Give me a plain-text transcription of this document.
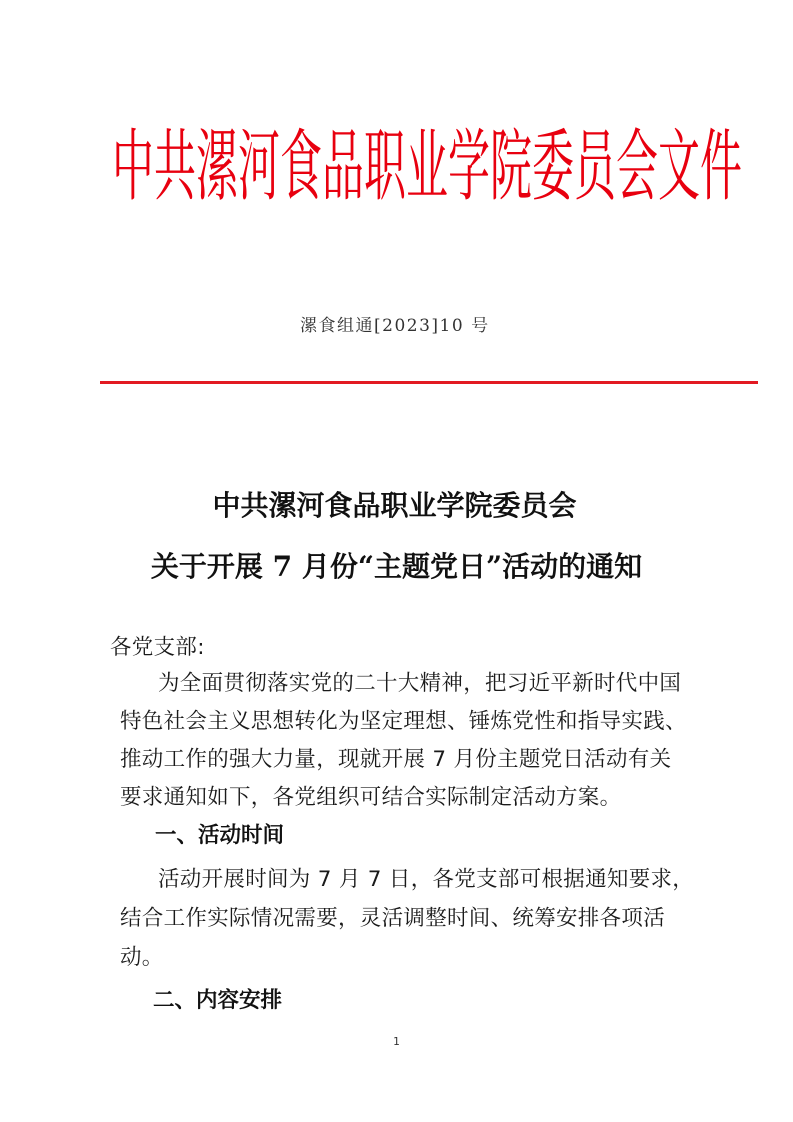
中共漯河食品职业学院委员会文件
漯食组通[2023]10 号
中共漯河食品职业学院委员会
关于开展 7 月份“主题党日”活动的通知
各党支部:
为全面贯彻落实党的二十大精神，把习近平新时代中国
特色社会主义思想转化为坚定理想、锤炼党性和指导实践、
推动工作的强大力量，现就开展 7 月份主题党日活动有关
要求通知如下，各党组织可结合实际制定活动方案。
一、活动时间
活动开展时间为 7 月 7 日，各党支部可根据通知要求，
结合工作实际情况需要，灵活调整时间、统筹安排各项活
动。
二、内容安排
1
